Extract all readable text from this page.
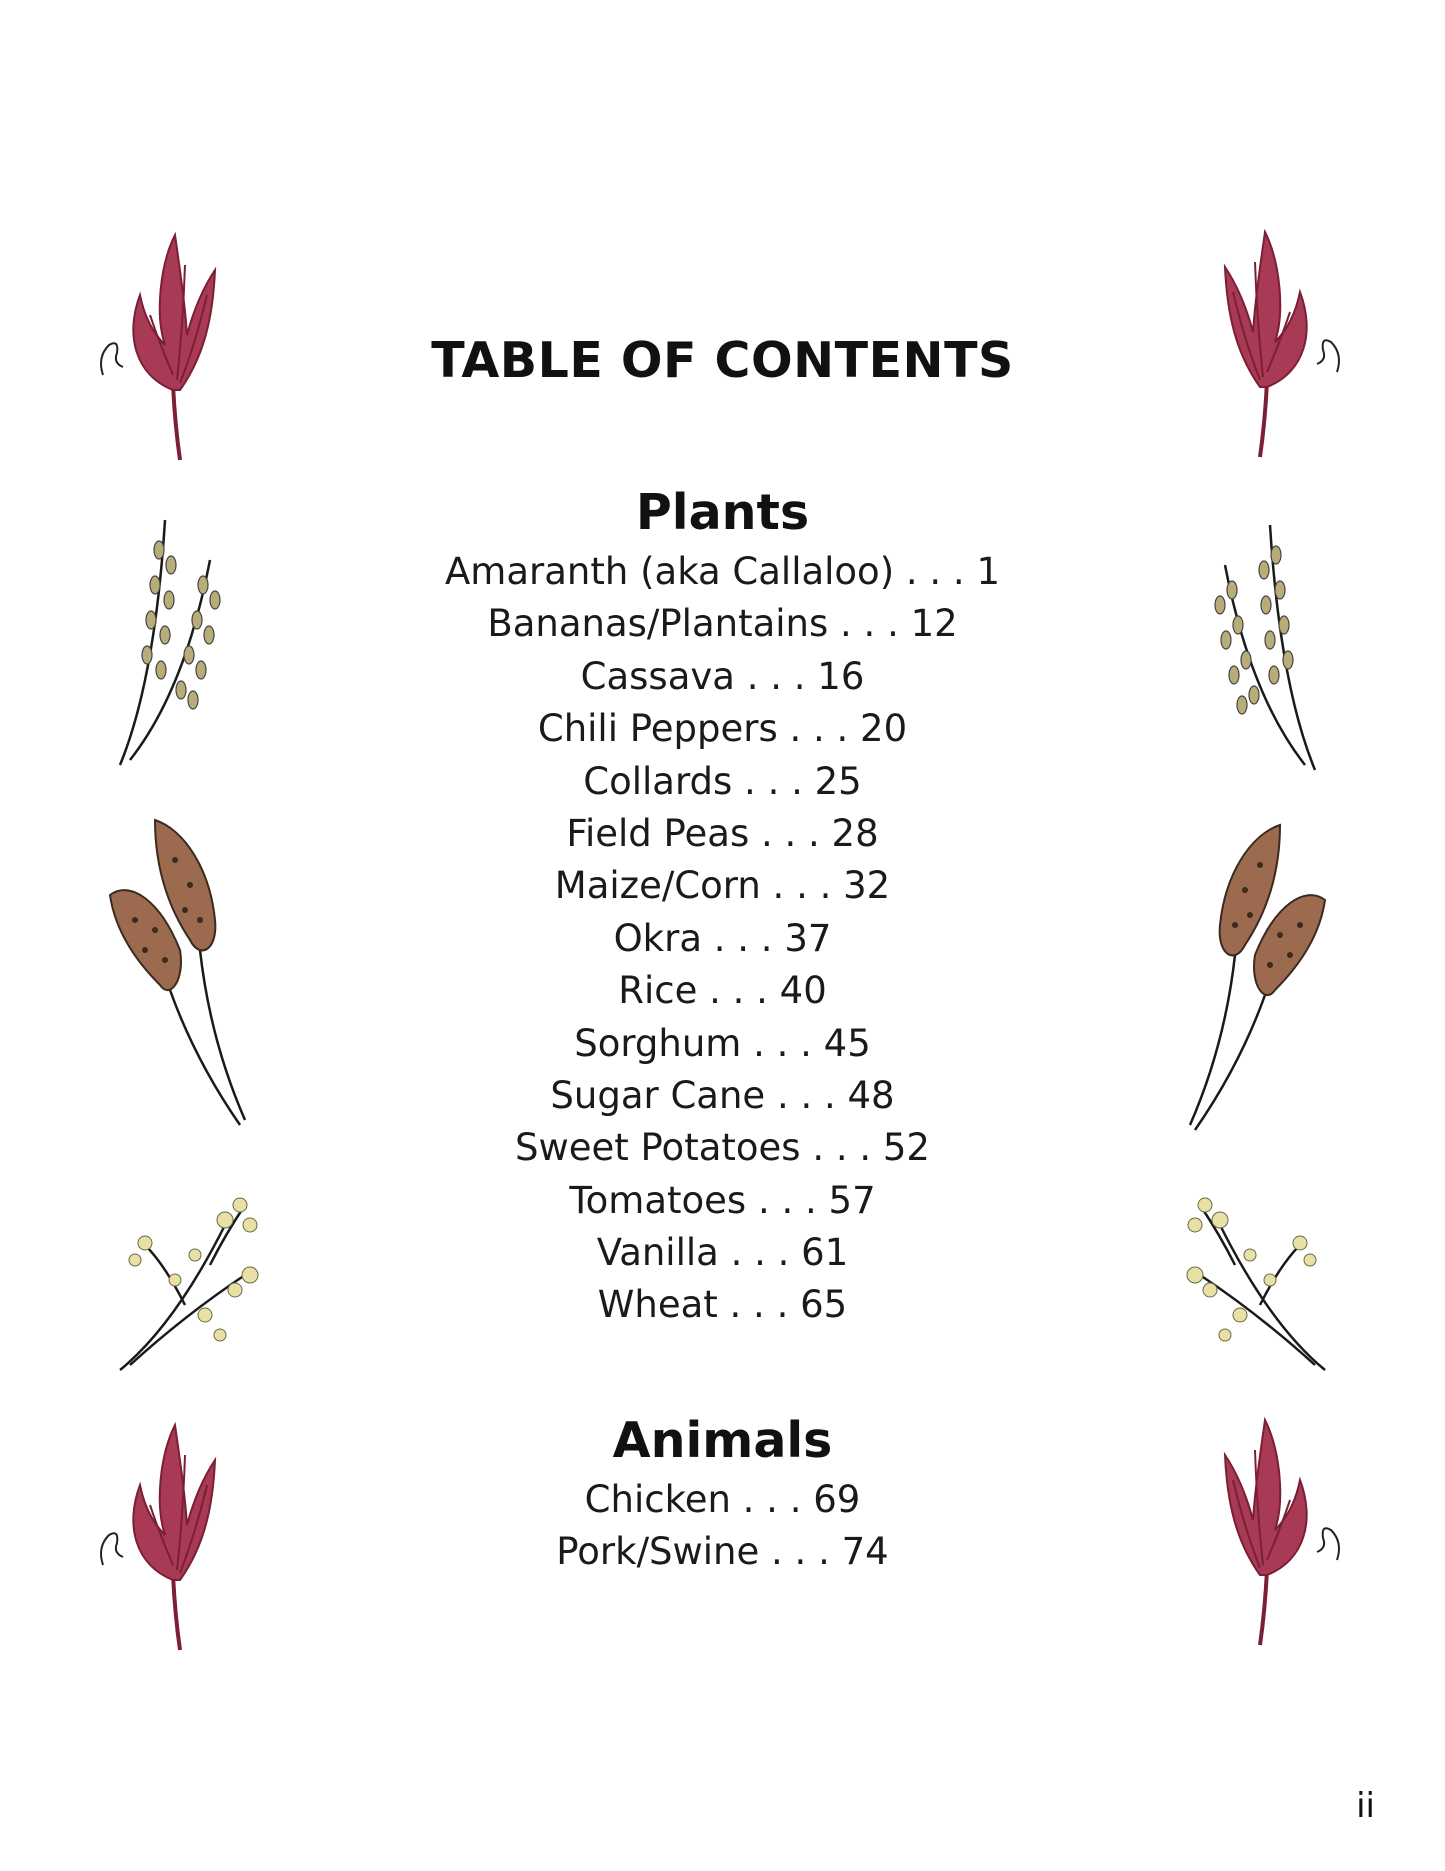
TABLE OF CONTENTS
Plants
Amaranth (aka Callaloo) . . . 1
Bananas/Plantains . . . 12
Cassava . . . 16
Chili Peppers . . . 20
Collards . . . 25
Field Peas . . . 28
Maize/Corn . . . 32
Okra . . . 37
Rice . . . 40
Sorghum . . . 45
Sugar Cane . . . 48
Sweet Potatoes . . . 52
Tomatoes . . . 57
Vanilla . . . 61
Wheat . . . 65
Animals
Chicken . . . 69
Pork/Swine . . . 74
ii
